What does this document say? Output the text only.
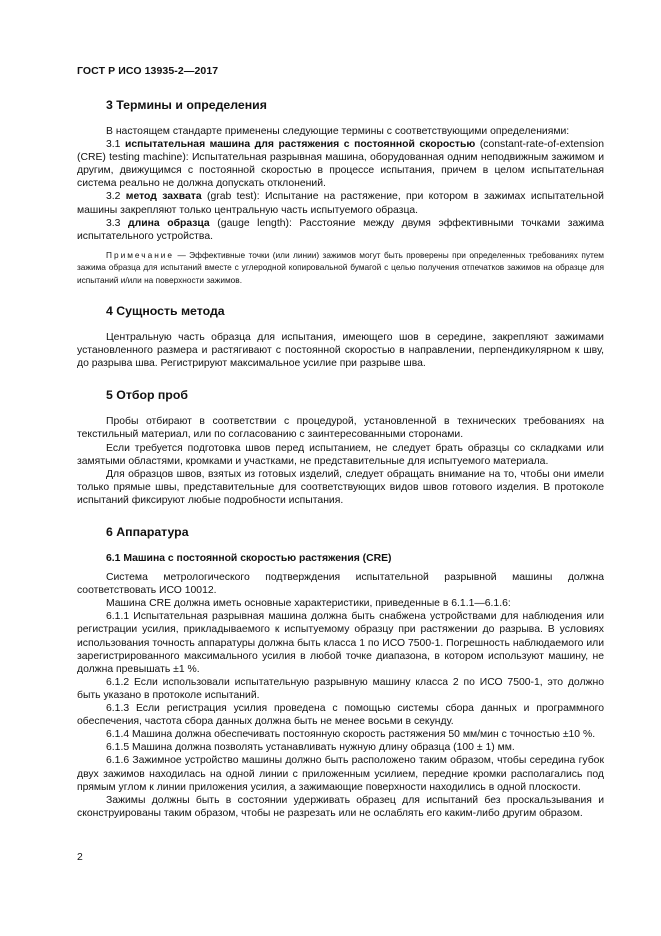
ГОСТ Р ИСО 13935-2—2017
3 Термины и определения

В настоящем стандарте применены следующие термины с соответствующими определениями:

3.1 испытательная машина для растяжения с постоянной скоростью (constant-rate-of-extension (CRE) testing machine): Испытательная разрывная машина, оборудованная одним неподвижным зажимом и другим, движущимся с постоянной скоростью в процессе испытания, причем в целом испытательная система реально не должна допускать отклонений.

3.2 метод захвата (grab test): Испытание на растяжение, при котором в зажимах испытательной машины закрепляют только центральную часть испытуемого образца.

3.3 длина образца (gauge length): Расстояние между двумя эффективными точками зажима испытательного устройства.

Примечание — Эффективные точки (или линии) зажимов могут быть проверены при определенных требованиях путем зажима образца для испытаний вместе с углеродной копировальной бумагой с целью получения отпечатков зажимов на образце для испытаний и/или на поверхности зажимов.

4 Сущность метода

Центральную часть образца для испытания, имеющего шов в середине, закрепляют зажимами установленного размера и растягивают с постоянной скоростью в направлении, перпендикулярном к шву, до разрыва шва. Регистрируют максимальное усилие при разрыве шва.

5 Отбор проб

Пробы отбирают в соответствии с процедурой, установленной в технических требованиях на текстильный материал, или по согласованию с заинтересованными сторонами.

Если требуется подготовка швов перед испытанием, не следует брать образцы со складками или замятыми областями, кромками и участками, не представительные для испытуемого материала.

Для образцов швов, взятых из готовых изделий, следует обращать внимание на то, чтобы они имели только прямые швы, представительные для соответствующих видов швов готового изделия. В протоколе испытаний фиксируют любые подробности испытания.

6 Аппаратура
6.1 Машина с постоянной скоростью растяжения (CRE)

Система метрологического подтверждения испытательной разрывной машины должна соответствовать ИСО 10012.

Машина CRE должна иметь основные характеристики, приведенные в 6.1.1—6.1.6:

6.1.1 Испытательная разрывная машина должна быть снабжена устройствами для наблюдения или регистрации усилия, прикладываемого к испытуемому образцу при растяжении до разрыва. В условиях использования точность аппаратуры должна быть класса 1 по ИСО 7500-1. Погрешность наблюдаемого или зарегистрированного максимального усилия в любой точке диапазона, в котором используют машину, не должна превышать ±1 %.

6.1.2 Если использовали испытательную разрывную машину класса 2 по ИСО 7500-1, это должно быть указано в протоколе испытаний.

6.1.3 Если регистрация усилия проведена с помощью системы сбора данных и программного обеспечения, частота сбора данных должна быть не менее восьми в секунду.

6.1.4 Машина должна обеспечивать постоянную скорость растяжения 50 мм/мин с точностью ±10 %.

6.1.5 Машина должна позволять устанавливать нужную длину образца (100 ± 1) мм.

6.1.6 Зажимное устройство машины должно быть расположено таким образом, чтобы середина губок двух зажимов находилась на одной линии с приложенным усилием, передние кромки располагались под прямым углом к линии приложения усилия, а зажимающие поверхности находились в одной плоскости.

Зажимы должны быть в состоянии удерживать образец для испытаний без проскальзывания и сконструированы таким образом, чтобы не разрезать или не ослаблять его каким-либо другим образом.

2
